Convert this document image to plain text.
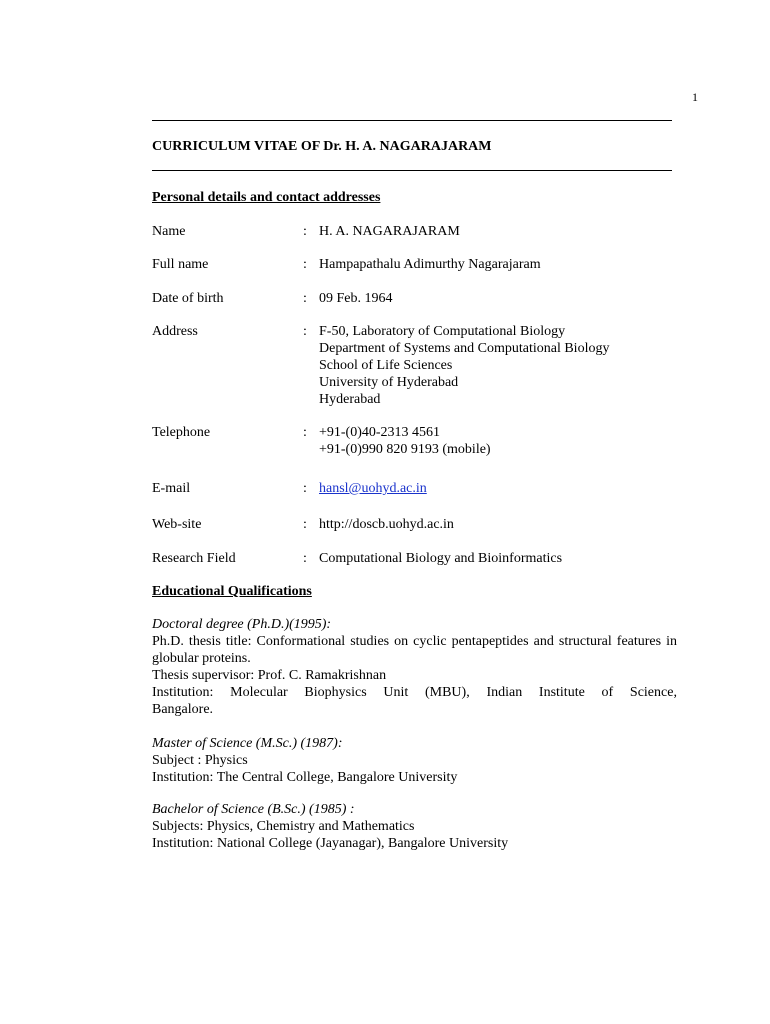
1
CURRICULUM VITAE OF Dr. H. A. NAGARAJARAM
Personal details and contact addresses
Name	: H. A. NAGARAJARAM
Full name	: Hampapathalu Adimurthy Nagarajaram
Date of birth	: 09 Feb. 1964
Address	: F-50, Laboratory of Computational Biology
Department of Systems and Computational Biology
School of Life Sciences
University of Hyderabad
Hyderabad
Telephone	: +91-(0)40-2313 4561
+91-(0)990 820 9193 (mobile)
E-mail	: hansl@uohyd.ac.in
Web-site	: http://doscb.uohyd.ac.in
Research Field	: Computational Biology and Bioinformatics
Educational Qualifications
Doctoral degree (Ph.D.)(1995):
Ph.D. thesis title: Conformational studies on cyclic pentapeptides and structural features in globular proteins.
Thesis supervisor: Prof. C. Ramakrishnan
Institution: Molecular Biophysics Unit (MBU), Indian Institute of Science,
Bangalore.
Master of Science (M.Sc.) (1987):
Subject : Physics
Institution: The Central College, Bangalore University
Bachelor of Science (B.Sc.) (1985) :
Subjects: Physics, Chemistry and Mathematics
Institution: National College (Jayanagar), Bangalore University
